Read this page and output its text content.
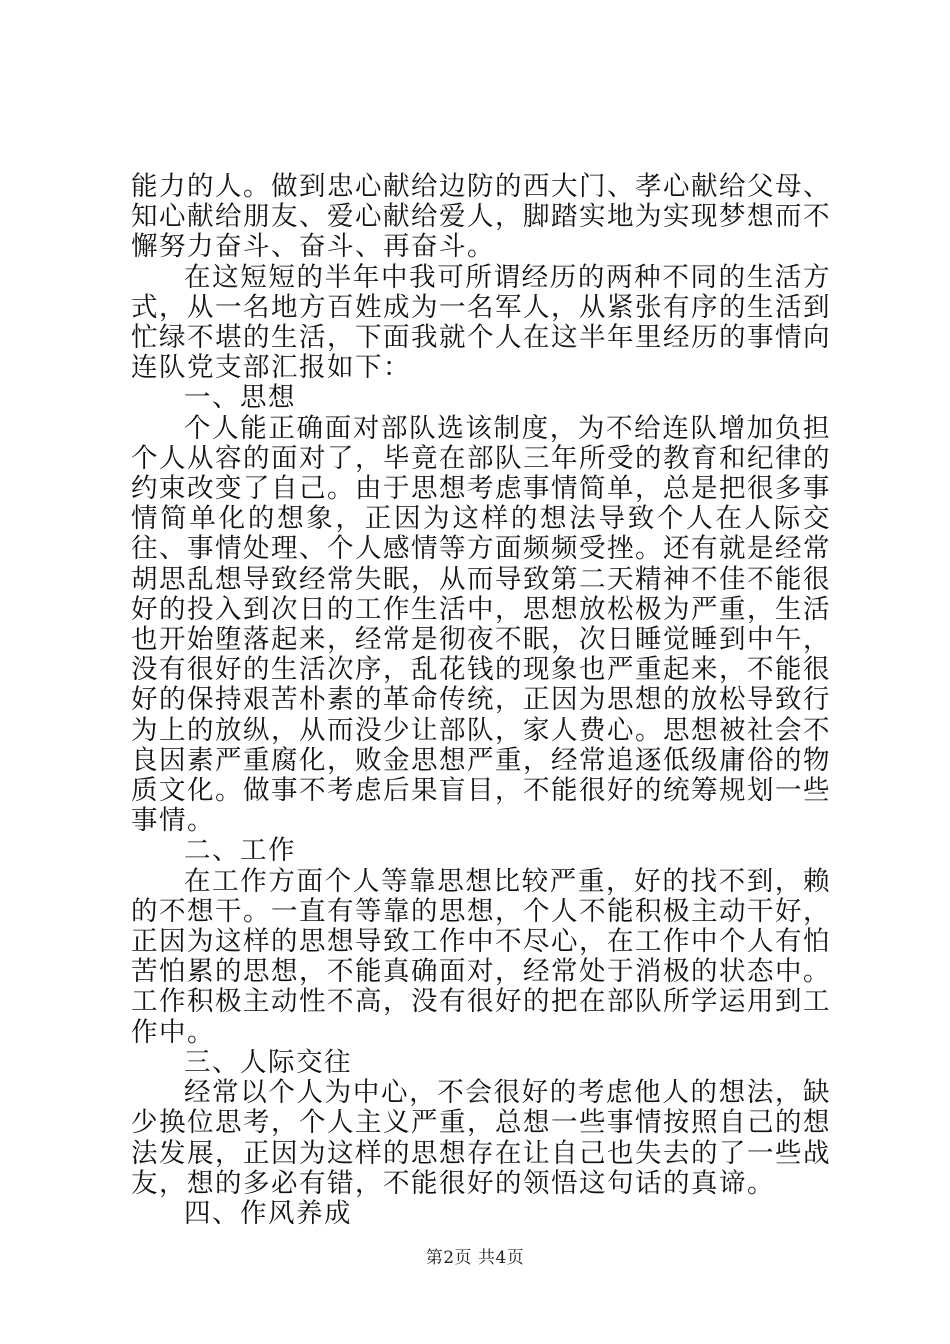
能力的人。做到忠心献给边防的西大门、孝心献给父母、知心献给朋友、爱心献给爱人，脚踏实地为实现梦想而不懈努力奋斗、奋斗、再奋斗。

在这短短的半年中我可所谓经历的两种不同的生活方式，从一名地方百姓成为一名军人，从紧张有序的生活到忙绿不堪的生活，下面我就个人在这半年里经历的事情向连队党支部汇报如下：

一、思想

个人能正确面对部队选该制度，为不给连队增加负担个人从容的面对了，毕竟在部队三年所受的教育和纪律的约束改变了自己。由于思想考虑事情简单，总是把很多事情简单化的想象，正因为这样的想法导致个人在人际交往、事情处理、个人感情等方面频频受挫。还有就是经常胡思乱想导致经常失眠，从而导致第二天精神不佳不能很好的投入到次日的工作生活中，思想放松极为严重，生活也开始堕落起来，经常是彻夜不眠，次日睡觉睡到中午，没有很好的生活次序，乱花钱的现象也严重起来，不能很好的保持艰苦朴素的革命传统，正因为思想的放松导致行为上的放纵，从而没少让部队，家人费心。思想被社会不良因素严重腐化，败金思想严重，经常追逐低级庸俗的物质文化。做事不考虑后果盲目，不能很好的统筹规划一些事情。

二、工作

在工作方面个人等靠思想比较严重，好的找不到，赖的不想干。一直有等靠的思想，个人不能积极主动干好，正因为这样的思想导致工作中不尽心，在工作中个人有怕苦怕累的思想，不能真确面对，经常处于消极的状态中。工作积极主动性不高，没有很好的把在部队所学运用到工作中。

三、人际交往

经常以个人为中心，不会很好的考虑他人的想法，缺少换位思考，个人主义严重，总想一些事情按照自己的想法发展，正因为这样的思想存在让自己也失去的了一些战友，想的多必有错，不能很好的领悟这句话的真谛。

四、作风养成

第2页 共4页
